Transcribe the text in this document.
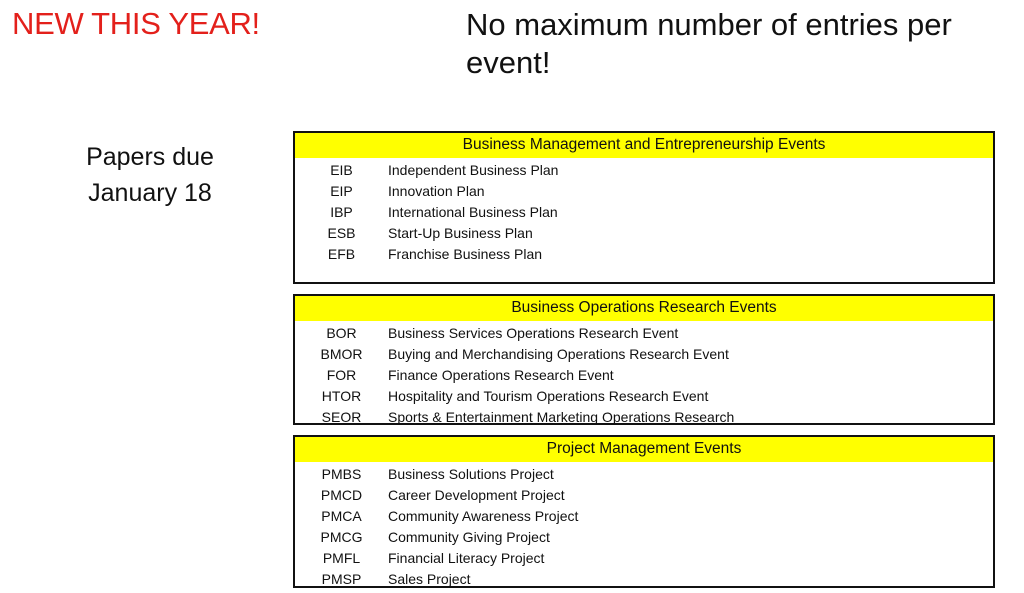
NEW THIS YEAR!	No maximum number of entries per event!
Papers due
January 18
Business Management and Entrepreneurship Events
EIB	Independent Business Plan
EIP	Innovation Plan
IBP	International Business Plan
ESB	Start-Up Business Plan
EFB	Franchise Business Plan
Business Operations Research Events
BOR	Business Services Operations Research Event
BMOR	Buying and Merchandising Operations Research Event
FOR	Finance Operations Research Event
HTOR	Hospitality and Tourism Operations Research Event
SEOR	Sports & Entertainment Marketing Operations Research
Project Management Events
PMBS	Business Solutions Project
PMCD	Career Development Project
PMCA	Community Awareness Project
PMCG	Community Giving Project
PMFL	Financial Literacy Project
PMSP	Sales Project
